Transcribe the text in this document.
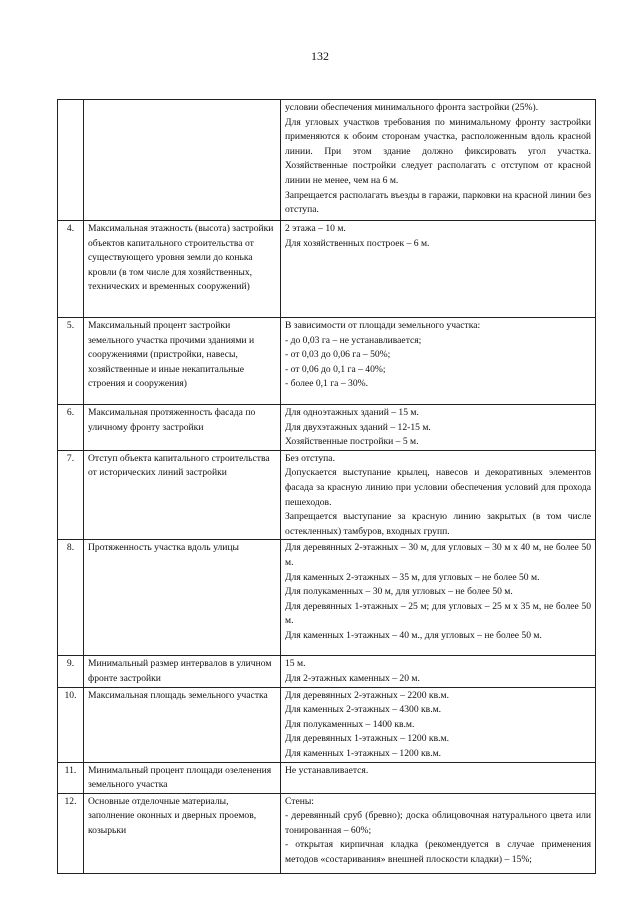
132

		условии обеспечения минимального фронта застройки (25%).
Для угловых участков требования по минимальному фронту застройки применяются к обоим сторонам участка, расположенным вдоль красной линии. При этом здание должно фиксировать угол участка. Хозяйственные постройки следует располагать с отступом от красной линии не менее, чем на 6 м.
Запрещается располагать въезды в гаражи, парковки на красной линии без отступа.

4.	Максимальная этажность (высота) застройки объектов капитального строительства от существующего уровня земли до конька кровли (в том числе для хозяйственных, технических и временных сооружений)	2 этажа – 10 м.
Для хозяйственных построек – 6 м.

5.	Максимальный процент застройки земельного участка прочими зданиями и сооружениями (пристройки, навесы, хозяйственные и иные некапитальные строения и сооружения)	В зависимости от площади земельного участка:
- до 0,03 га – не устанавливается;
- от 0,03 до 0,06 га – 50%;
- от 0,06 до 0,1 га – 40%;
- более 0,1 га – 30%.

6.	Максимальная протяженность фасада по уличному фронту застройки	Для одноэтажных зданий – 15 м.
Для двухэтажных зданий – 12-15 м.
Хозяйственные постройки – 5 м.

7.	Отступ объекта капитального строительства от исторических линий застройки	Без отступа.
Допускается выступание крылец, навесов и декоративных элементов фасада за красную линию при условии обеспечения условий для прохода пешеходов.
Запрещается выступание за красную линию закрытых (в том числе остекленных) тамбуров, входных групп.

8.	Протяженность участка вдоль улицы	Для деревянных 2-этажных – 30 м, для угловых – 30 м х 40 м, не более 50 м.
Для каменных 2-этажных – 35 м, для угловых – не более 50 м.
Для полукаменных – 30 м, для угловых – не более 50 м.
Для деревянных 1-этажных – 25 м; для угловых – 25 м х 35 м, не более 50 м.
Для каменных 1-этажных – 40 м., для угловых – не более 50 м.

9.	Минимальный размер интервалов в уличном фронте застройки	15 м.
Для 2-этажных каменных – 20 м.

10.	Максимальная площадь земельного участка	Для деревянных 2-этажных – 2200 кв.м.
Для каменных 2-этажных – 4300 кв.м.
Для полукаменных – 1400 кв.м.
Для деревянных 1-этажных – 1200 кв.м.
Для каменных 1-этажных – 1200 кв.м.

11.	Минимальный процент площади озеленения земельного участка	Не устанавливается.

12.	Основные отделочные материалы, заполнение оконных и дверных проемов, козырьки	Стены:
- деревянный сруб (бревно); доска облицовочная натурального цвета или тонированная – 60%;
- открытая кирпичная кладка (рекомендуется в случае применения методов «состаривания» внешней плоскости кладки) – 15%;
